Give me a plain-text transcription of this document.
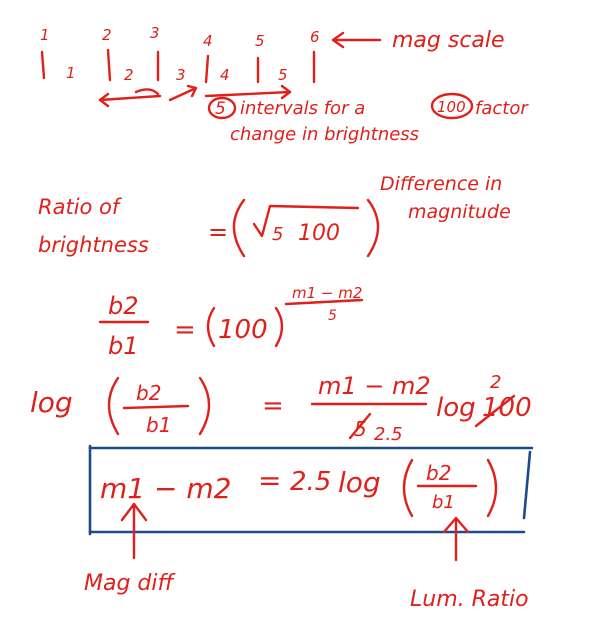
1	2	3	4	5	6
1	2	3 4	5
mag scale
5 intervals for a	100 factor
change in brightness
Ratio of
brightness = 5 100
Difference in
magnitude
b2
b1
= 100
m1 − m2
5
log	b2
b1
=
m1 − m2
5 2.5
log 100
2
m1 − m2 = 2.5 log b2
b1
Mag diff
Lum. Ratio
